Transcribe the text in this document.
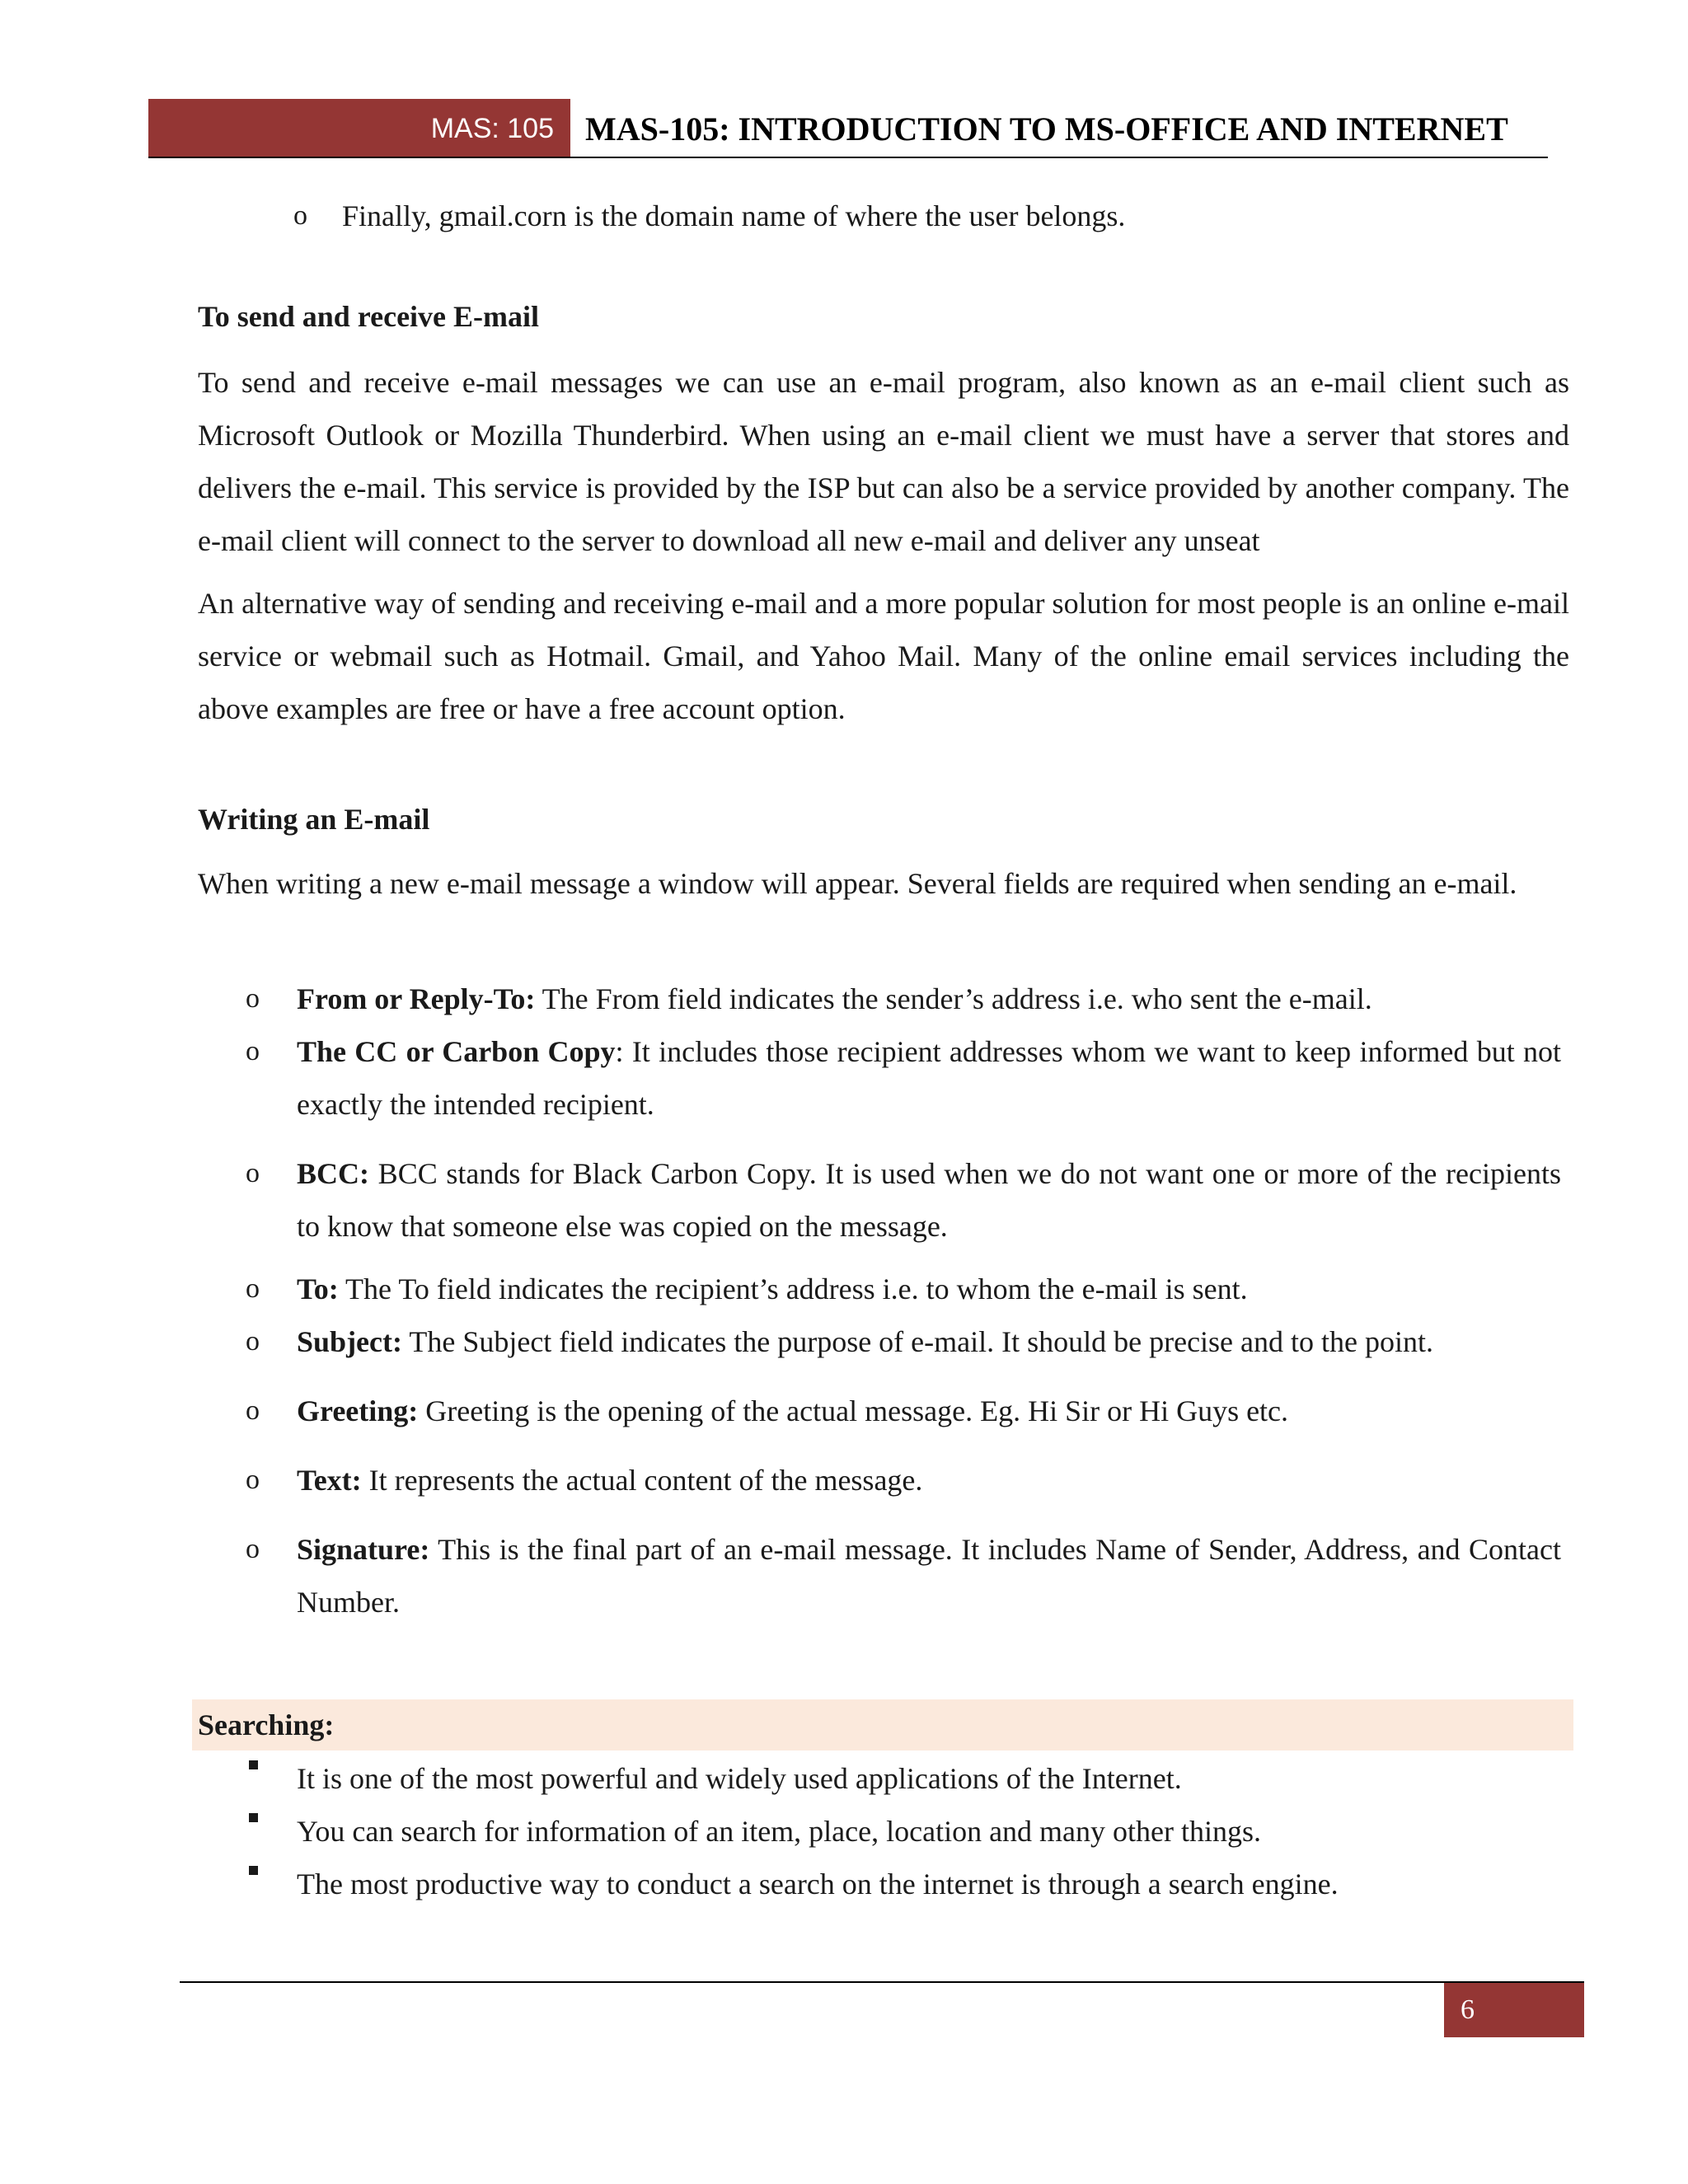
MAS: 105 MAS-105: INTRODUCTION TO MS-OFFICE AND INTERNET
o Finally, gmail.corn is the domain name of where the user belongs.
To send and receive E-mail
To send and receive e-mail messages we can use an e-mail program, also known as an e-mail client such as Microsoft Outlook or Mozilla Thunderbird. When using an e-mail client we must have a server that stores and delivers the e-mail. This service is provided by the ISP but can also be a service provided by another company. The e-mail client will connect to the server to download all new e-mail and deliver any unseat
An alternative way of sending and receiving e-mail and a more popular solution for most people is an online e-mail service or webmail such as Hotmail. Gmail, and Yahoo Mail. Many of the online email services including the above examples are free or have a free account option.
Writing an E-mail
When writing a new e-mail message a window will appear. Several fields are required when sending an e-mail.
o From or Reply-To: The From field indicates the sender’s address i.e. who sent the e-mail.
o The CC or Carbon Copy: It includes those recipient addresses whom we want to keep informed but not exactly the intended recipient.
o BCC: BCC stands for Black Carbon Copy. It is used when we do not want one or more of the recipients to know that someone else was copied on the message.
o To: The To field indicates the recipient’s address i.e. to whom the e-mail is sent.
o Subject: The Subject field indicates the purpose of e-mail. It should be precise and to the point.
o Greeting: Greeting is the opening of the actual message. Eg. Hi Sir or Hi Guys etc.
o Text: It represents the actual content of the message.
o Signature: This is the final part of an e-mail message. It includes Name of Sender, Address, and Contact Number.
Searching:
It is one of the most powerful and widely used applications of the Internet.
You can search for information of an item, place, location and many other things.
The most productive way to conduct a search on the internet is through a search engine.
6
